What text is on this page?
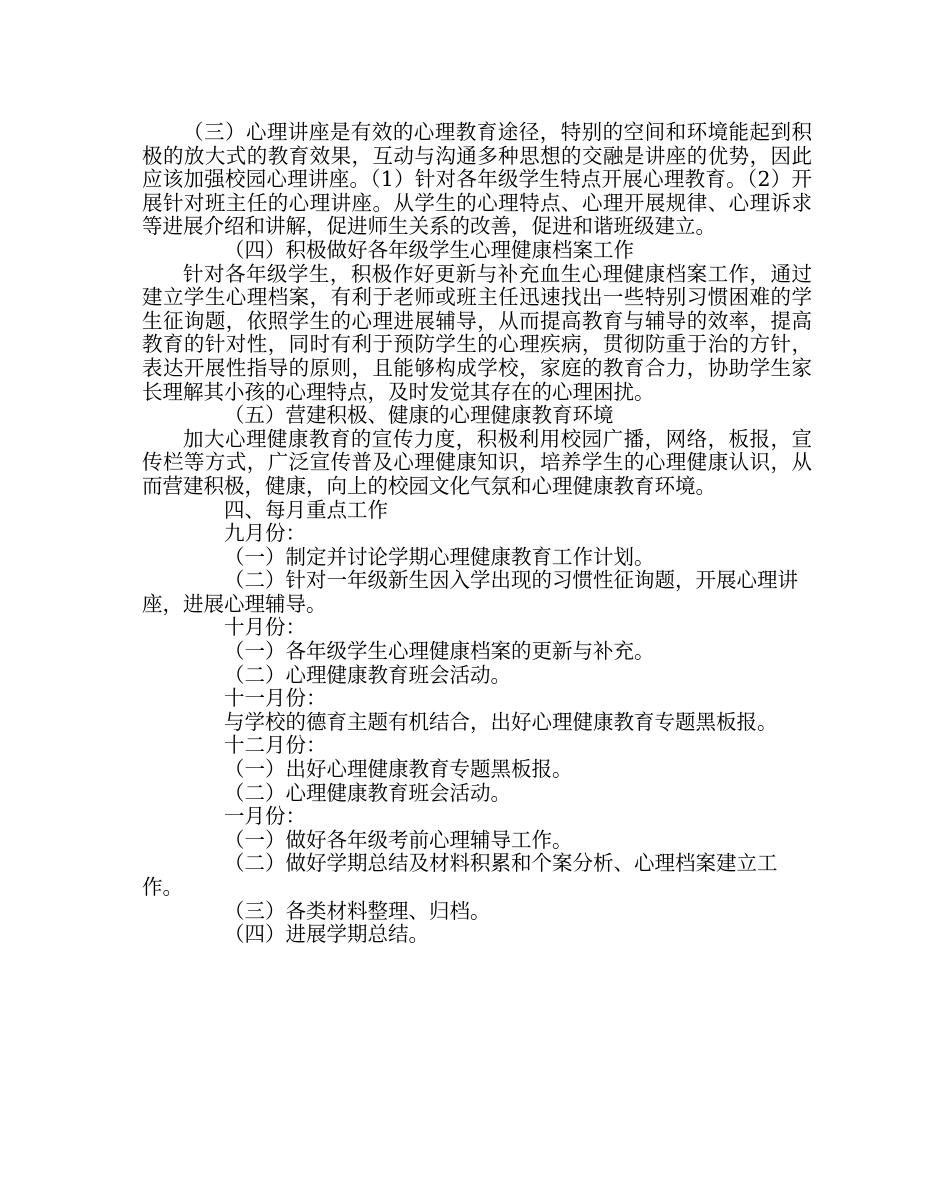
（三）心理讲座是有效的心理教育途径，特别的空间和环境能起到积极的放大式的教育效果，互动与沟通多种思想的交融是讲座的优势，因此应该加强校园心理讲座。（1）针对各年级学生特点开展心理教育。（2）开展针对班主任的心理讲座。从学生的心理特点、心理开展规律、心理诉求等进展介绍和讲解，促进师生关系的改善，促进和谐班级建立。

（四）积极做好各年级学生心理健康档案工作

针对各年级学生，积极作好更新与补充血生心理健康档案工作，通过建立学生心理档案，有利于老师或班主任迅速找出一些特别习惯困难的学生征询题，依照学生的心理进展辅导，从而提高教育与辅导的效率，提高教育的针对性，同时有利于预防学生的心理疾病，贯彻防重于治的方针，表达开展性指导的原则，且能够构成学校，家庭的教育合力，协助学生家长理解其小孩的心理特点，及时发觉其存在的心理困扰。

（五）营建积极、健康的心理健康教育环境

加大心理健康教育的宣传力度，积极利用校园广播，网络，板报，宣传栏等方式，广泛宣传普及心理健康知识，培养学生的心理健康认识，从而营建积极，健康，向上的校园文化气氛和心理健康教育环境。

四、每月重点工作

九月份：

（一）制定并讨论学期心理健康教育工作计划。

（二）针对一年级新生因入学出现的习惯性征询题，开展心理讲座，进展心理辅导。

十月份：

（一）各年级学生心理健康档案的更新与补充。

（二）心理健康教育班会活动。

十一月份：

与学校的德育主题有机结合，出好心理健康教育专题黑板报。

十二月份：

（一）出好心理健康教育专题黑板报。

（二）心理健康教育班会活动。

一月份：

（一）做好各年级考前心理辅导工作。

（二）做好学期总结及材料积累和个案分析、心理档案建立工作。

（三）各类材料整理、归档。

（四）进展学期总结。
